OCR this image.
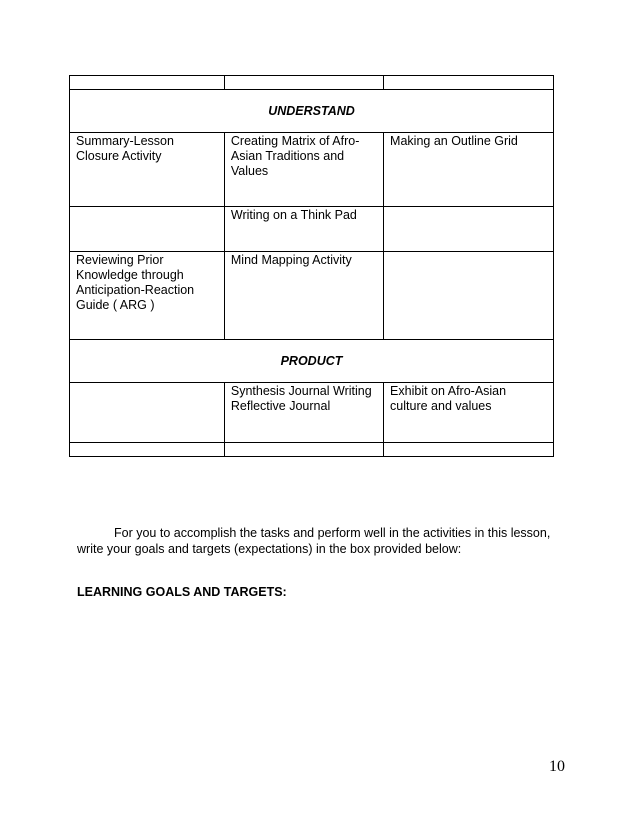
UNDERSTAND		
Summary-Lesson Closure Activity	Creating Matrix of Afro-Asian Traditions and Values	Making an Outline Grid
	Writing on a Think Pad	
Reviewing Prior Knowledge through Anticipation-Reaction Guide ( ARG )	Mind Mapping Activity	
PRODUCT		
	Synthesis Journal Writing Reflective Journal	Exhibit on Afro-Asian culture and values

For you to accomplish the tasks and perform well in the activities in this lesson, write your goals and targets (expectations) in the box provided below:

LEARNING GOALS AND TARGETS:

10
